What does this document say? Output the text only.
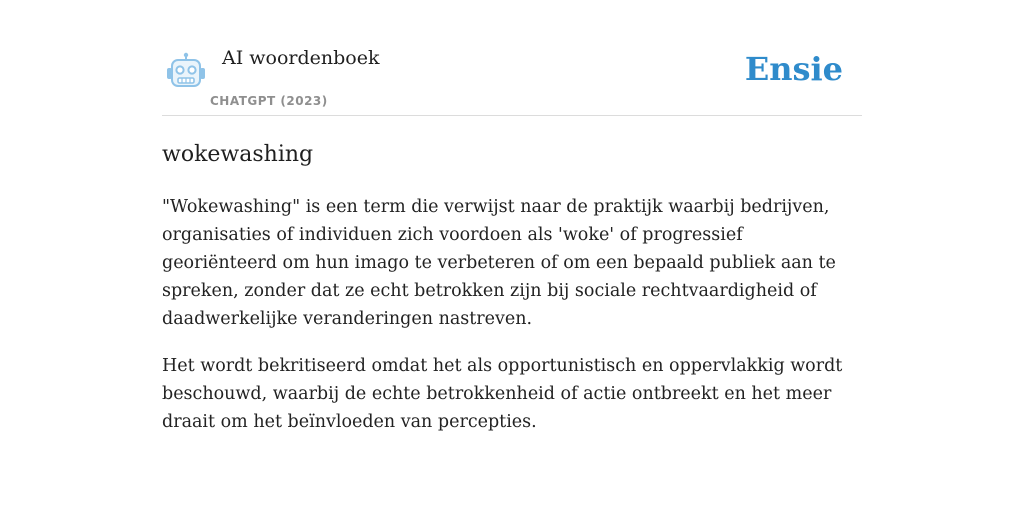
AI woordenboek
CHATGPT (2023)
Ensie
wokewashing

"Wokewashing" is een term die verwijst naar de praktijk waarbij bedrijven, organisaties of individuen zich voordoen als 'woke' of progressief georiënteerd om hun imago te verbeteren of om een bepaald publiek aan te spreken, zonder dat ze echt betrokken zijn bij sociale rechtvaardigheid of daadwerkelijke veranderingen nastreven.

Het wordt bekritiseerd omdat het als opportunistisch en oppervlakkig wordt beschouwd, waarbij de echte betrokkenheid of actie ontbreekt en het meer draait om het beïnvloeden van percepties.
